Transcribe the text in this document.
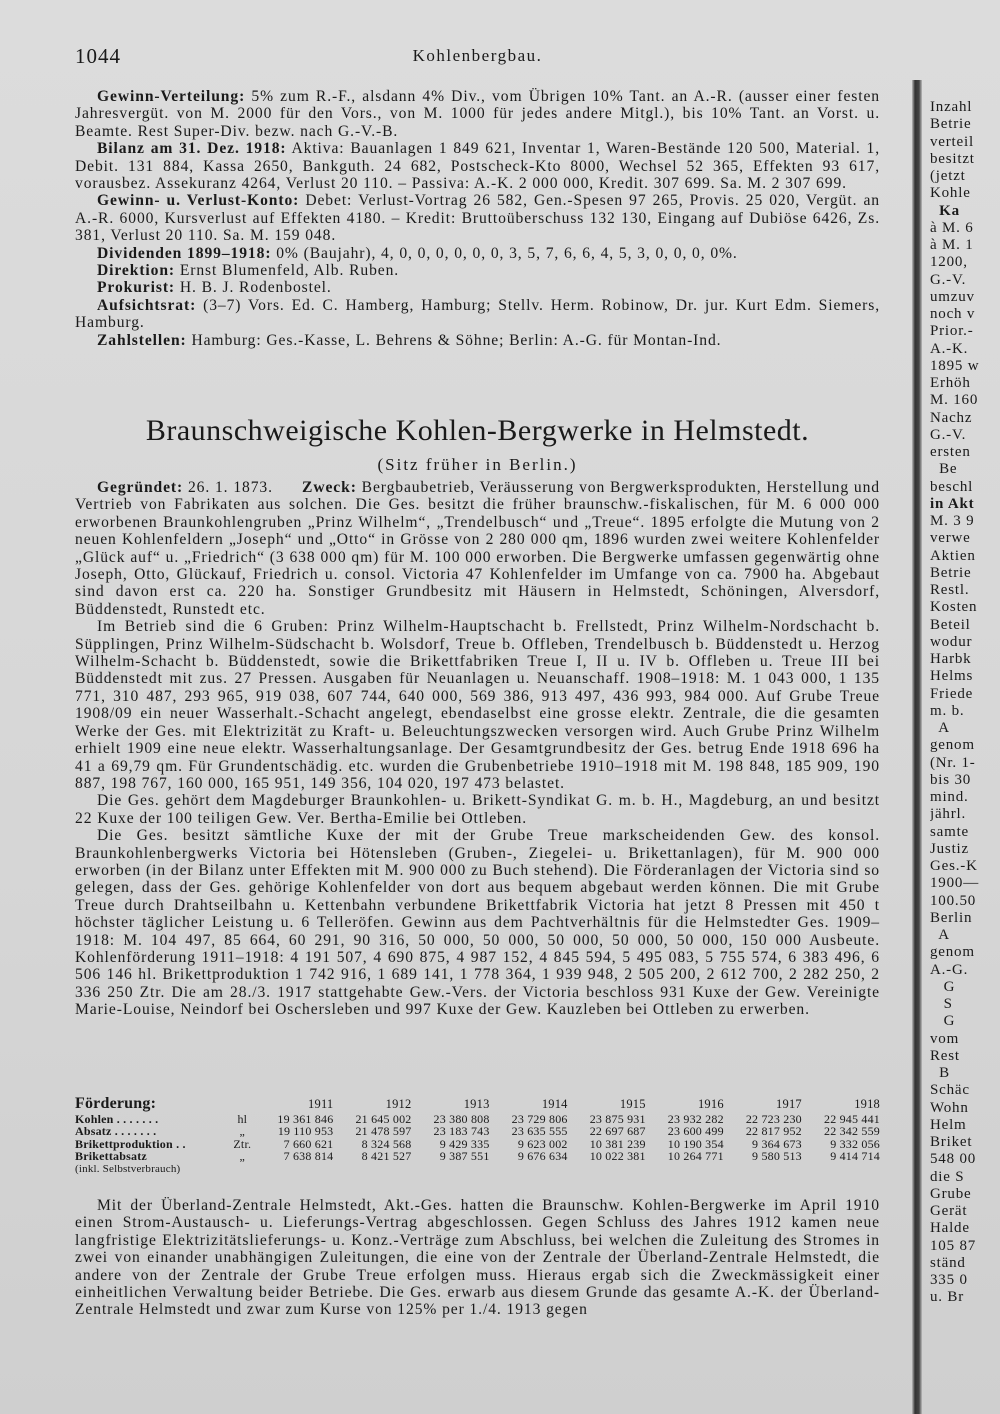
1044	Kohlenbergbau.

Gewinn-Verteilung: 5% zum R.-F., alsdann 4% Div., vom Übrigen 10% Tant. an A.-R. (ausser einer festen Jahresvergüt. von M. 2000 für den Vors., von M. 1000 für jedes andere Mitgl.), bis 10% Tant. an Vorst. u. Beamte. Rest Super-Div. bezw. nach G.-V.-B.

Bilanz am 31. Dez. 1918: Aktiva: Bauanlagen 1 849 621, Inventar 1, Waren-Bestände 120 500, Material. 1, Debit. 131 884, Kassa 2650, Bankguth. 24 682, Postscheck-Kto 8000, Wechsel 52 365, Effekten 93 617, vorausbez. Assekuranz 4264, Verlust 20 110. – Passiva: A.-K. 2 000 000, Kredit. 307 699. Sa. M. 2 307 699.

Gewinn- u. Verlust-Konto: Debet: Verlust-Vortrag 26 582, Gen.-Spesen 97 265, Provis. 25 020, Vergüt. an A.-R. 6000, Kursverlust auf Effekten 4180. – Kredit: Bruttoüberschuss 132 130, Eingang auf Dubiöse 6426, Zs. 381, Verlust 20 110. Sa. M. 159 048.

Dividenden 1899–1918: 0% (Baujahr), 4, 0, 0, 0, 0, 0, 0, 3, 5, 7, 6, 6, 4, 5, 3, 0, 0, 0, 0%.

Direktion: Ernst Blumenfeld, Alb. Ruben.

Prokurist: H. B. J. Rodenbostel.

Aufsichtsrat: (3–7) Vors. Ed. C. Hamberg, Hamburg; Stellv. Herm. Robinow, Dr. jur. Kurt Edm. Siemers, Hamburg.

Zahlstellen: Hamburg: Ges.-Kasse, L. Behrens & Söhne; Berlin: A.-G. für Montan-Ind.

Braunschweigische Kohlen-Bergwerke in Helmstedt.
(Sitz früher in Berlin.)

Gegründet: 26. 1. 1873.      Zweck: Bergbaubetrieb, Veräusserung von Bergwerksprodukten, Herstellung und Vertrieb von Fabrikaten aus solchen. Die Ges. besitzt die früher braunschw.-fiskalischen, für M. 6 000 000 erworbenen Braunkohlengruben „Prinz Wilhelm“, „Trendelbusch“ und „Treue“. 1895 erfolgte die Mutung von 2 neuen Kohlenfeldern „Joseph“ und „Otto“ in Grösse von 2 280 000 qm, 1896 wurden zwei weitere Kohlenfelder „Glück auf“ u. „Friedrich“ (3 638 000 qm) für M. 100 000 erworben. Die Bergwerke umfassen gegenwärtig ohne Joseph, Otto, Glückauf, Friedrich u. consol. Victoria 47 Kohlenfelder im Umfange von ca. 7900 ha. Abgebaut sind davon erst ca. 220 ha. Sonstiger Grundbesitz mit Häusern in Helmstedt, Schöningen, Alversdorf, Büddenstedt, Runstedt etc.

Im Betrieb sind die 6 Gruben: Prinz Wilhelm-Hauptschacht b. Frellstedt, Prinz Wilhelm-Nordschacht b. Süpplingen, Prinz Wilhelm-Südschacht b. Wolsdorf, Treue b. Offleben, Trendelbusch b. Büddenstedt u. Herzog Wilhelm-Schacht b. Büddenstedt, sowie die Brikettfabriken Treue I, II u. IV b. Offleben u. Treue III bei Büddenstedt mit zus. 27 Pressen. Ausgaben für Neuanlagen u. Neuanschaff. 1908–1918: M. 1 043 000, 1 135 771, 310 487, 293 965, 919 038, 607 744, 640 000, 569 386, 913 497, 436 993, 984 000. Auf Grube Treue 1908/09 ein neuer Wasserhalt.-Schacht angelegt, ebendaselbst eine grosse elektr. Zentrale, die die gesamten Werke der Ges. mit Elektrizität zu Kraft- u. Beleuchtungszwecken versorgen wird. Auch Grube Prinz Wilhelm erhielt 1909 eine neue elektr. Wasserhaltungsanlage. Der Gesamtgrundbesitz der Ges. betrug Ende 1918 696 ha 41 a 69,79 qm. Für Grundentschädig. etc. wurden die Grubenbetriebe 1910–1918 mit M. 198 848, 185 909, 190 887, 198 767, 160 000, 165 951, 149 356, 104 020, 197 473 belastet.

Die Ges. gehört dem Magdeburger Braunkohlen- u. Brikett-Syndikat G. m. b. H., Magdeburg, an und besitzt 22 Kuxe der 100 teiligen Gew. Ver. Bertha-Emilie bei Ottleben.

Die Ges. besitzt sämtliche Kuxe der mit der Grube Treue markscheidenden Gew. des konsol. Braunkohlenbergwerks Victoria bei Hötensleben (Gruben-, Ziegelei- u. Brikettanlagen), für M. 900 000 erworben (in der Bilanz unter Effekten mit M. 900 000 zu Buch stehend). Die Förderanlagen der Victoria sind so gelegen, dass der Ges. gehörige Kohlenfelder von dort aus bequem abgebaut werden können. Die mit Grube Treue durch Drahtseilbahn u. Kettenbahn verbundene Brikettfabrik Victoria hat jetzt 8 Pressen mit 450 t höchster täglicher Leistung u. 6 Telleröfen. Gewinn aus dem Pachtverhältnis für die Helmstedter Ges. 1909–1918: M. 104 497, 85 664, 60 291, 90 316, 50 000, 50 000, 50 000, 50 000, 50 000, 150 000 Ausbeute. Kohlenförderung 1911–1918: 4 191 507, 4 690 875, 4 987 152, 4 845 594, 5 495 083, 5 755 574, 6 383 496, 6 506 146 hl. Brikettproduktion 1 742 916, 1 689 141, 1 778 364, 1 939 948, 2 505 200, 2 612 700, 2 282 250, 2 336 250 Ztr. Die am 28./3. 1917 stattgehabte Gew.-Vers. der Victoria beschloss 931 Kuxe der Gew. Vereinigte Marie-Louise, Neindorf bei Oschersleben und 997 Kuxe der Gew. Kauzleben bei Ottleben zu erwerben.

Förderung:		1911	1912	1913	1914	1915	1916	1917	1918
Kohlen . . . . . . .	hl	19 361 846	21 645 002	23 380 808	23 729 806	23 875 931	23 932 282	22 723 230	22 945 441
Absatz . . . . . . .	„	19 110 953	21 478 597	23 183 743	23 635 555	22 697 687	23 600 499	22 817 952	22 342 559
Brikettproduktion . .	Ztr.	7 660 621	8 324 568	9 429 335	9 623 002	10 381 239	10 190 354	9 364 673	9 332 056
Brikettabsatz	„	7 638 814	8 421 527	9 387 551	9 676 634	10 022 381	10 264 771	9 580 513	9 414 714
(inkl. Selbstverbrauch)									

Mit der Überland-Zentrale Helmstedt, Akt.-Ges. hatten die Braunschw. Kohlen-Bergwerke im April 1910 einen Strom-Austausch- u. Lieferungs-Vertrag abgeschlossen. Gegen Schluss des Jahres 1912 kamen neue langfristige Elektrizitätslieferungs- u. Konz.-Verträge zum Abschluss, bei welchen die Zuleitung des Stromes in zwei von einander unabhängigen Zuleitungen, die eine von der Zentrale der Überland-Zentrale Helmstedt, die andere von der Zentrale der Grube Treue erfolgen muss. Hieraus ergab sich die Zweckmässigkeit einer einheitlichen Verwaltung beider Betriebe. Die Ges. erwarb aus diesem Grunde das gesamte A.-K. der Überland-Zentrale Helmstedt und zwar zum Kurse von 125% per 1./4. 1913 gegen

Inzahl
Betrie
verteil
besitzt
(jetzt
Kohle
Ka
à M. 6
à M. 1
1200,
G.-V.
umzuv
noch v
Prior.-
A.-K.
1895 w
Erhöh
M. 160
Nachz
G.-V.
ersten
Be
beschl
in Akt
M. 3 9
verwe
Aktien
Betrie
Restl.
Kosten
Beteil
wodur
Harbk
Helms
Friede
m. b.
A
genom
(Nr. 1-
bis 30
mind.
jährl.
samte
Justiz
Ges.-K
1900—
100.50
Berlin
A
genom
A.-G.
G
S
G
vom
Rest
B
Schäc
Wohn
Helm
Briket
548 00
die S
Grube
Gerät
Halde
105 87
ständ
335 0
u. Br
